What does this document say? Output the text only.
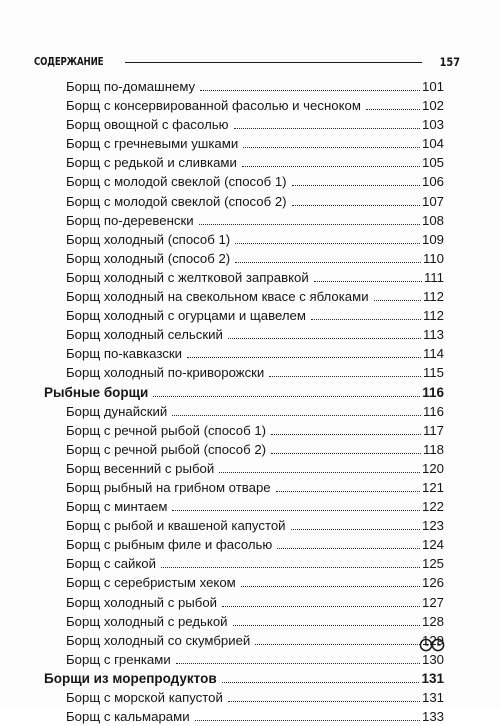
СОДЕРЖАНИЕ	157
Борщ по-домашнему	101
Борщ с консервированной фасолью и чесноком	102
Борщ овощной с фасолью	103
Борщ с гречневыми ушками	104
Борщ с редькой и сливками	105
Борщ с молодой свеклой (способ 1)	106
Борщ с молодой свеклой (способ 2)	107
Борщ по-деревенски	108
Борщ холодный (способ 1)	109
Борщ холодный (способ 2)	110
Борщ холодный с желтковой заправкой	111
Борщ холодный на свекольном квасе с яблоками	112
Борщ холодный с огурцами и щавелем	112
Борщ холодный сельский	113
Борщ по-кавказски	114
Борщ холодный по-криворожски	115
Рыбные борщи	116
Борщ дунайский	116
Борщ с речной рыбой (способ 1)	117
Борщ с речной рыбой (способ 2)	118
Борщ весенний с рыбой	120
Борщ рыбный на грибном отваре	121
Борщ с минтаем	122
Борщ с рыбой и квашеной капустой	123
Борщ с рыбным филе и фасолью	124
Борщ с сайкой	125
Борщ с серебристым хеком	126
Борщ холодный с рыбой	127
Борщ холодный с редькой	128
Борщ холодный со скумбрией	129
Борщ с гренками	130
Борщи из морепродуктов	131
Борщ с морской капустой	131
Борщ с кальмарами	133
